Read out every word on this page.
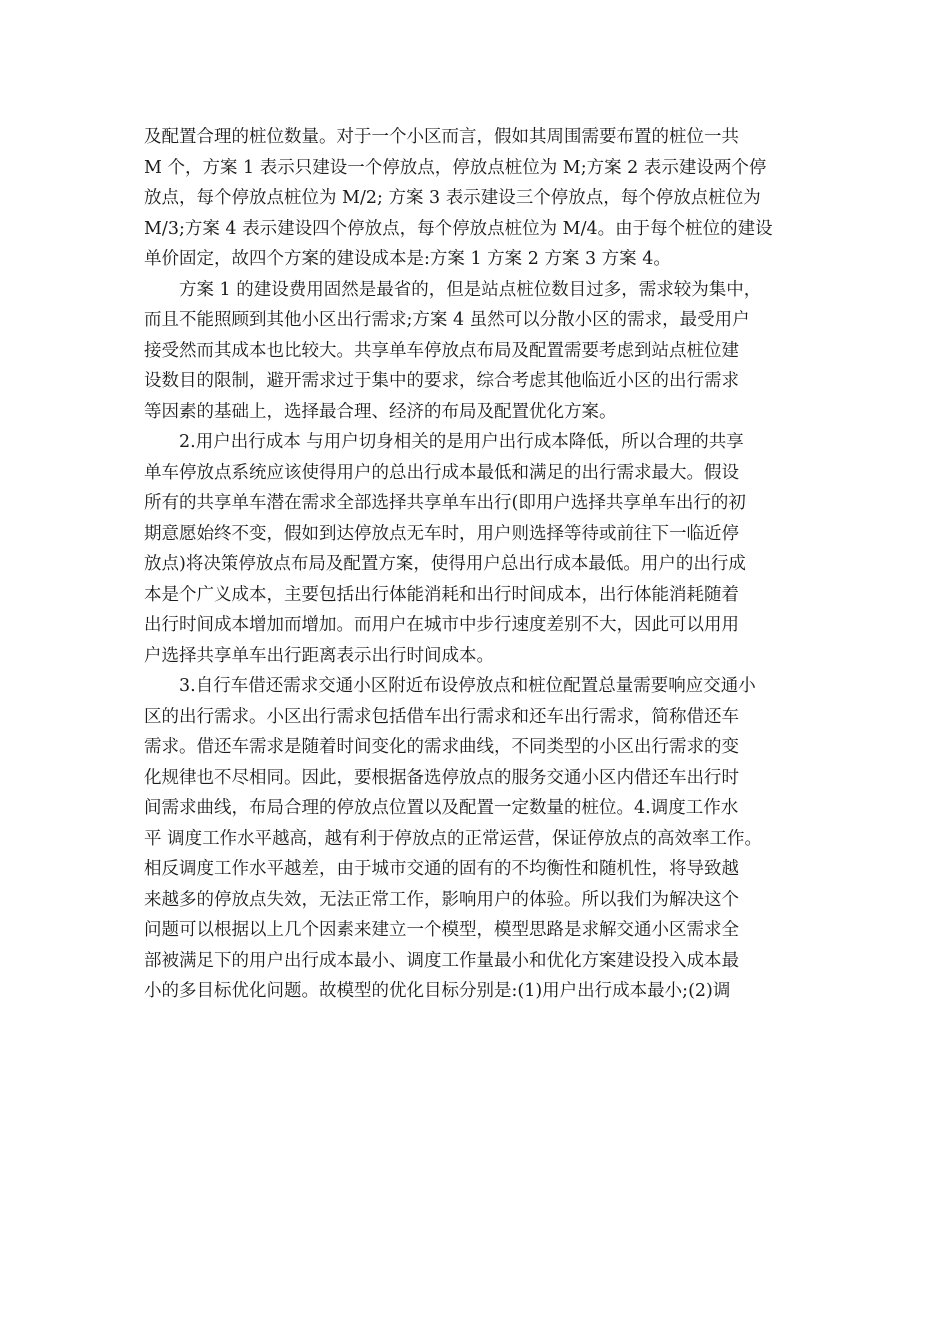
及配置合理的桩位数量。对于一个小区而言，假如其周围需要布置的桩位一共
M 个，方案 1 表示只建设一个停放点，停放点桩位为 M;方案 2 表示建设两个停
放点，每个停放点桩位为 M/2; 方案 3 表示建设三个停放点，每个停放点桩位为
M/3;方案 4 表示建设四个停放点，每个停放点桩位为 M/4。由于每个桩位的建设
单价固定，故四个方案的建设成本是:方案 1 方案 2 方案 3 方案 4。
　　方案 1 的建设费用固然是最省的，但是站点桩位数目过多，需求较为集中，
而且不能照顾到其他小区出行需求;方案 4 虽然可以分散小区的需求，最受用户
接受然而其成本也比较大。共享单车停放点布局及配置需要考虑到站点桩位建
设数目的限制，避开需求过于集中的要求，综合考虑其他临近小区的出行需求
等因素的基础上，选择最合理、经济的布局及配置优化方案。
　　2.用户出行成本 与用户切身相关的是用户出行成本降低，所以合理的共享
单车停放点系统应该使得用户的总出行成本最低和满足的出行需求最大。假设
所有的共享单车潜在需求全部选择共享单车出行(即用户选择共享单车出行的初
期意愿始终不变，假如到达停放点无车时，用户则选择等待或前往下一临近停
放点)将决策停放点布局及配置方案，使得用户总出行成本最低。用户的出行成
本是个广义成本，主要包括出行体能消耗和出行时间成本，出行体能消耗随着
出行时间成本增加而增加。而用户在城市中步行速度差别不大，因此可以用用
户选择共享单车出行距离表示出行时间成本。
　　3.自行车借还需求交通小区附近布设停放点和桩位配置总量需要响应交通小
区的出行需求。小区出行需求包括借车出行需求和还车出行需求，简称借还车
需求。借还车需求是随着时间变化的需求曲线，不同类型的小区出行需求的变
化规律也不尽相同。因此，要根据备选停放点的服务交通小区内借还车出行时
间需求曲线，布局合理的停放点位置以及配置一定数量的桩位。4.调度工作水
平 调度工作水平越高，越有利于停放点的正常运营，保证停放点的高效率工作。
相反调度工作水平越差，由于城市交通的固有的不均衡性和随机性，将导致越
来越多的停放点失效，无法正常工作，影响用户的体验。所以我们为解决这个
问题可以根据以上几个因素来建立一个模型，模型思路是求解交通小区需求全
部被满足下的用户出行成本最小、调度工作量最小和优化方案建设投入成本最
小的多目标优化问题。故模型的优化目标分别是:(1)用户出行成本最小;(2)调
